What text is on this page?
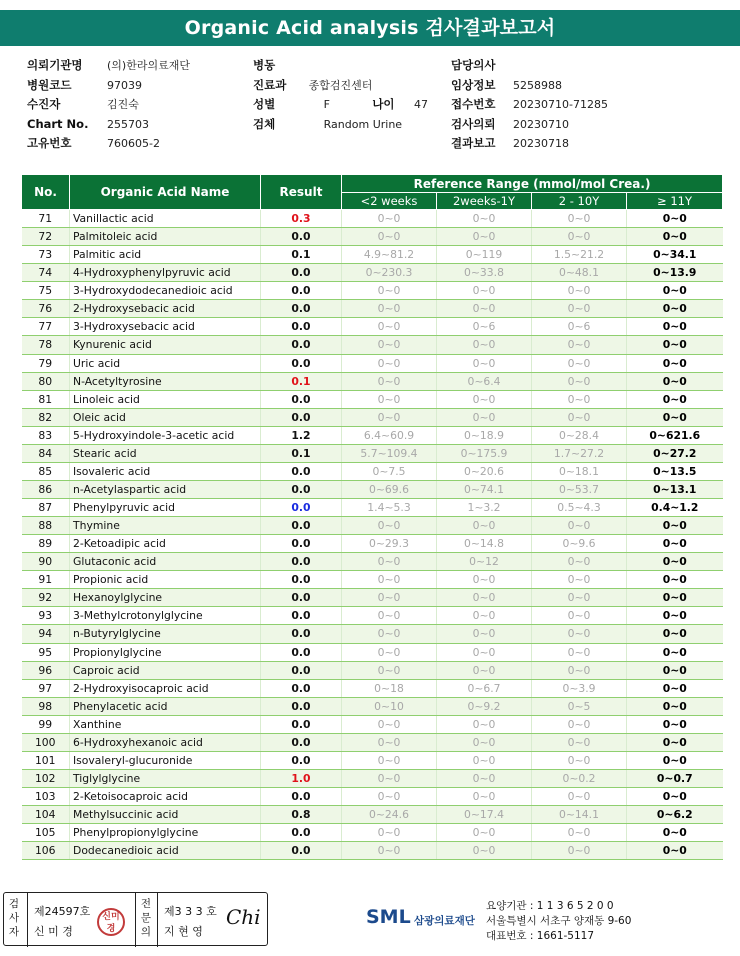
Organic Acid analysis 검사결과보고서
의뢰기관명 (의)한라의료재단
병원코드	97039
수진자	김진숙
Chart No. 255703
고유번호	760605-2
병동
진료과 종합검진센터
성별	F	나이 47
검체	Random Urine
담당의사
임상정보 5258988
접수번호 20230710-71285
검사의뢰 20230710
결과보고 20230718
No.	Organic Acid Name	Result	Reference Range (mmol/mol Crea.)			
			<2 weeks	2weeks-1Y	2 - 10Y	≥ 11Y
71	Vanillactic acid	0.3	0~0	0~0	0~0	0~0
72	Palmitoleic acid	0.0	0~0	0~0	0~0	0~0
73	Palmitic acid	0.1	4.9~81.2	0~119	1.5~21.2	0~34.1
74	4-Hydroxyphenylpyruvic acid	0.0	0~230.3	0~33.8	0~48.1	0~13.9
75	3-Hydroxydodecanedioic acid	0.0	0~0	0~0	0~0	0~0
76	2-Hydroxysebacic acid	0.0	0~0	0~0	0~0	0~0
77	3-Hydroxysebacic acid	0.0	0~0	0~6	0~6	0~0
78	Kynurenic acid	0.0	0~0	0~0	0~0	0~0
79	Uric acid	0.0	0~0	0~0	0~0	0~0
80	N-Acetyltyrosine	0.1	0~0	0~6.4	0~0	0~0
81	Linoleic acid	0.0	0~0	0~0	0~0	0~0
82	Oleic acid	0.0	0~0	0~0	0~0	0~0
83	5-Hydroxyindole-3-acetic acid	1.2	6.4~60.9	0~18.9	0~28.4	0~621.6
84	Stearic acid	0.1	5.7~109.4	0~175.9	1.7~27.2	0~27.2
85	Isovaleric acid	0.0	0~7.5	0~20.6	0~18.1	0~13.5
86	n-Acetylaspartic acid	0.0	0~69.6	0~74.1	0~53.7	0~13.1
87	Phenylpyruvic acid	0.0	1.4~5.3	1~3.2	0.5~4.3	0.4~1.2
88	Thymine	0.0	0~0	0~0	0~0	0~0
89	2-Ketoadipic acid	0.0	0~29.3	0~14.8	0~9.6	0~0
90	Glutaconic acid	0.0	0~0	0~12	0~0	0~0
91	Propionic acid	0.0	0~0	0~0	0~0	0~0
92	Hexanoylglycine	0.0	0~0	0~0	0~0	0~0
93	3-Methylcrotonylglycine	0.0	0~0	0~0	0~0	0~0
94	n-Butyrylglycine	0.0	0~0	0~0	0~0	0~0
95	Propionylglycine	0.0	0~0	0~0	0~0	0~0
96	Caproic acid	0.0	0~0	0~0	0~0	0~0
97	2-Hydroxyisocaproic acid	0.0	0~18	0~6.7	0~3.9	0~0
98	Phenylacetic acid	0.0	0~10	0~9.2	0~5	0~0
99	Xanthine	0.0	0~0	0~0	0~0	0~0
100	6-Hydroxyhexanoic acid	0.0	0~0	0~0	0~0	0~0
101	Isovaleryl-glucuronide	0.0	0~0	0~0	0~0	0~0
102	Tiglylglycine	1.0	0~0	0~0	0~0.2	0~0.7
103	2-Ketoisocaproic acid	0.0	0~0	0~0	0~0	0~0
104	Methylsuccinic acid	0.8	0~24.6	0~17.4	0~14.1	0~6.2
105	Phenylpropionylglycine	0.0	0~0	0~0	0~0	0~0
106	Dodecanedioic acid	0.0	0~0	0~0	0~0	0~0
검
사
자
제24597호
신 미 경
전
문
의
제3 3 3 호
지 현 영
Chi
신미
경
SML 삼광의료재단
요양기관 : 1 1 3 6 5 2 0 0
서울특별시 서초구 양재동 9-60
대표번호 : 1661-5117
